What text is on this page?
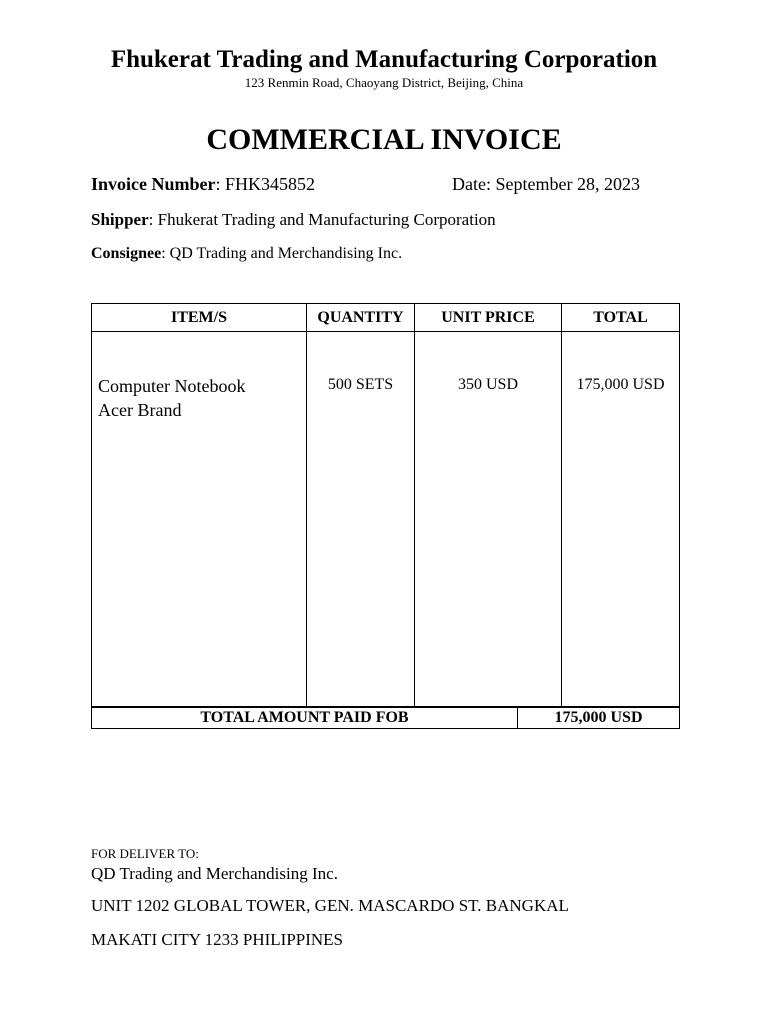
Fhukerat Trading and Manufacturing Corporation
123 Renmin Road, Chaoyang District, Beijing, China
COMMERCIAL INVOICE
Invoice Number: FHK345852	Date: September 28, 2023
Shipper: Fhukerat Trading and Manufacturing Corporation
Consignee: QD Trading and Merchandising Inc.
ITEM/S	QUANTITY	UNIT PRICE	TOTAL

Computer Notebook
Acer Brand	500 SETS	350 USD	175,000 USD
TOTAL AMOUNT PAID FOB	175,000 USD
FOR DELIVER TO:
QD Trading and Merchandising Inc.
UNIT 1202 GLOBAL TOWER, GEN. MASCARDO ST. BANGKAL
MAKATI CITY 1233 PHILIPPINES
